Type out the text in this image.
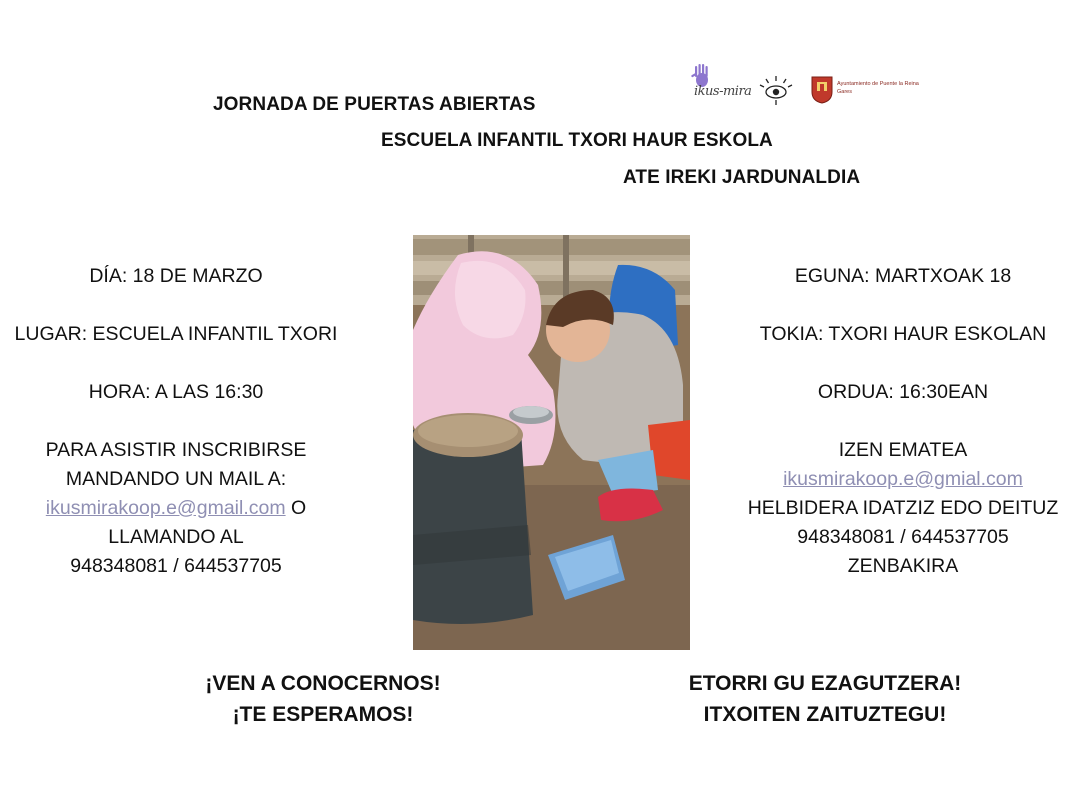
JORNADA DE PUERTAS ABIERTAS
ESCUELA INFANTIL TXORI HAUR ESKOLA
ATE IREKI JARDUNALDIA
ikus-mira	Ayuntamiento de Puente la Reina
Gares

DÍA: 18 DE MARZO

LUGAR: ESCUELA INFANTIL TXORI

HORA: A LAS 16:30

PARA ASISTIR INSCRIBIRSE

MANDANDO UN MAIL A:

ikusmirakoop.e@gmail.com O

LLAMANDO AL

948348081 / 644537705

EGUNA: MARTXOAK 18

TOKIA: TXORI HAUR ESKOLAN

ORDUA: 16:30EAN

IZEN EMATEA

ikusmirakoop.e@gmial.com

HELBIDERA IDATZIZ EDO DEITUZ

948348081 / 644537705

ZENBAKIRA

¡VEN A CONOCERNOS!
¡TE ESPERAMOS!
ETORRI GU EZAGUTZERA!
ITXOITEN ZAITUZTEGU!
